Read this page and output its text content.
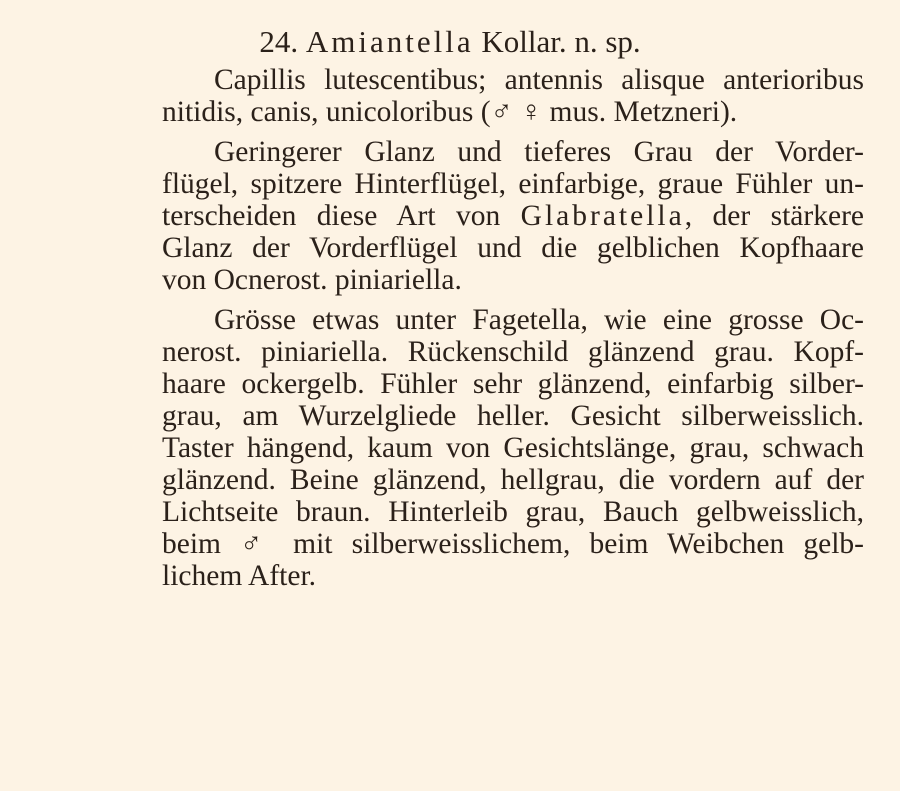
24. Amiantella Kollar. n. sp.
Capillis lutescentibus; antennis alisque anterioribus
nitidis, canis, unicoloribus (♂ ♀ mus. Metzneri).
Geringerer Glanz und tieferes Grau der Vorder-
flügel, spitzere Hinterflügel, einfarbige, graue Fühler un-
terscheiden diese Art von Glabratella, der stärkere
Glanz der Vorderflügel und die gelblichen Kopfhaare
von Ocnerost. piniariella.
Grösse etwas unter Fagetella, wie eine grosse Oc-
nerost. piniariella. Rückenschild glänzend grau. Kopf-
haare ockergelb. Fühler sehr glänzend, einfarbig silber-
grau, am Wurzelgliede heller. Gesicht silberweisslich.
Taster hängend, kaum von Gesichtslänge, grau, schwach
glänzend. Beine glänzend, hellgrau, die vordern auf der
Lichtseite braun. Hinterleib grau, Bauch gelbweisslich,
beim ♂ mit silberweisslichem, beim Weibchen gelb-
lichem After.
